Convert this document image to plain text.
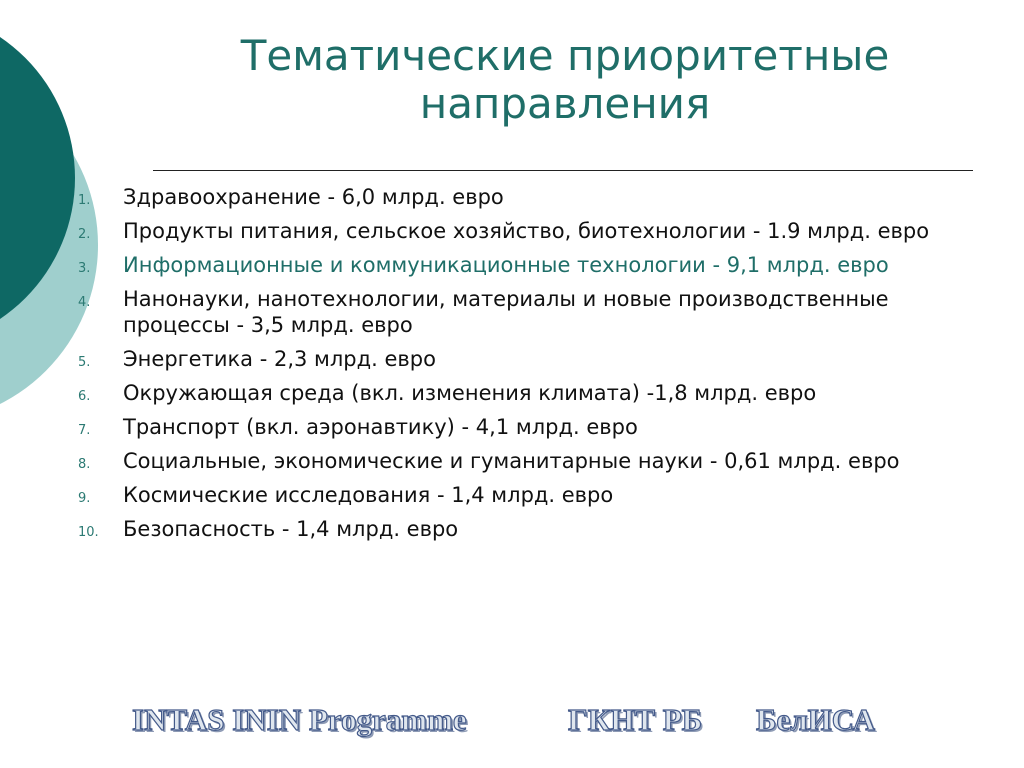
Тематические приоритетные
направления
1. Здравоохранение - 6,0 млрд. евро
2. Продукты питания, сельское хозяйство, биотехнологии - 1.9 млрд. евро
3. Информационные и коммуникационные технологии - 9,1 млрд. евро
4. Нанонауки, нанотехнологии, материалы и новые производственные процессы - 3,5 млрд. евро
5. Энергетика - 2,3 млрд. евро
6. Окружающая среда (вкл. изменения климата) -1,8 млрд. евро
7. Транспорт (вкл. аэронавтику) - 4,1 млрд. евро
8. Социальные, экономические и гуманитарные науки - 0,61 млрд. евро
9. Космические исследования - 1,4 млрд. евро
10. Безопасность - 1,4 млрд. евро
INTAS ININ Programme	ГКНТ РБ БелИСА
